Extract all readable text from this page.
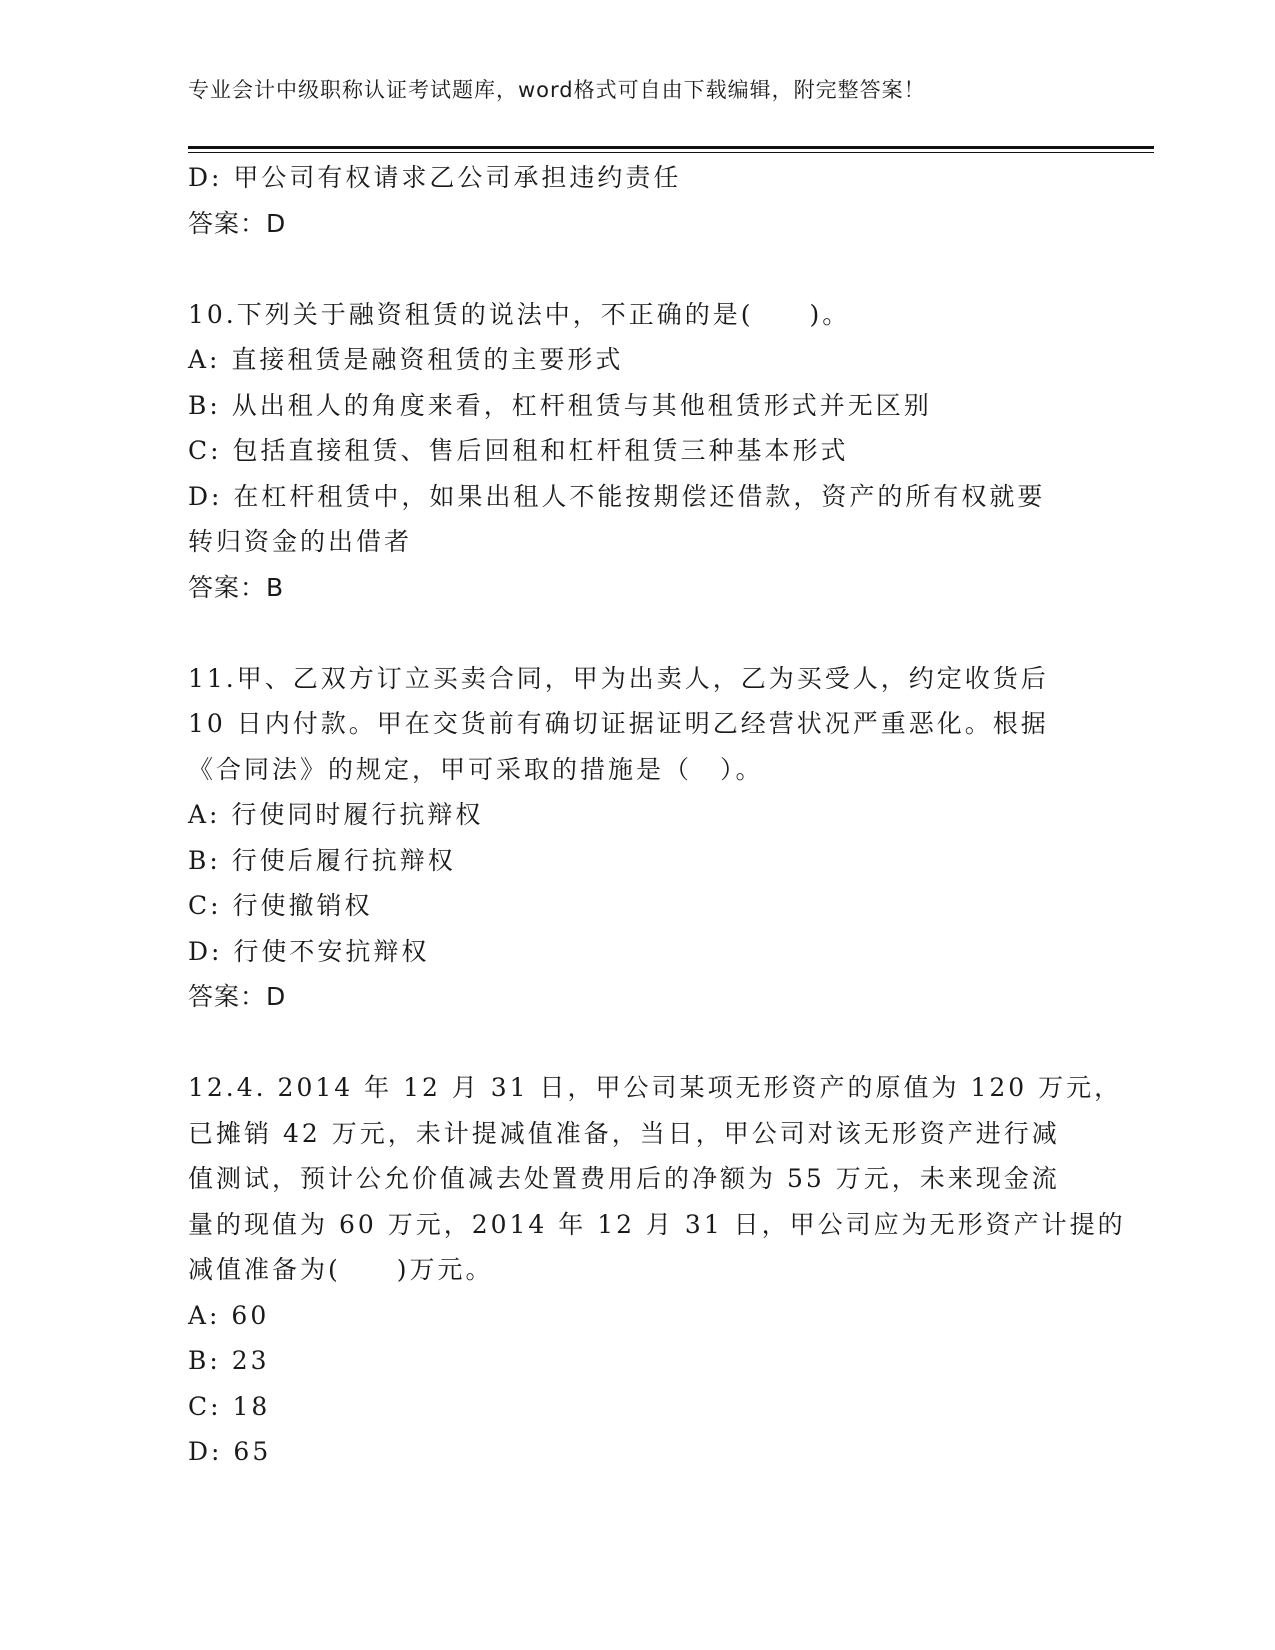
专业会计中级职称认证考试题库，word格式可自由下载编辑，附完整答案！
D: 甲公司有权请求乙公司承担违约责任
答案：D
10.下列关于融资租赁的说法中，不正确的是(　　)。
A: 直接租赁是融资租赁的主要形式
B: 从出租人的角度来看，杠杆租赁与其他租赁形式并无区别
C: 包括直接租赁、售后回租和杠杆租赁三种基本形式
D: 在杠杆租赁中，如果出租人不能按期偿还借款，资产的所有权就要
转归资金的出借者
答案：B
11.甲、乙双方订立买卖合同，甲为出卖人，乙为买受人，约定收货后
10 日内付款。甲在交货前有确切证据证明乙经营状况严重恶化。根据
《合同法》的规定，甲可采取的措施是（　）。
A: 行使同时履行抗辩权
B: 行使后履行抗辩权
C: 行使撤销权
D: 行使不安抗辩权
答案：D
12.4. 2014 年 12 月 31 日，甲公司某项无形资产的原值为 120 万元，
已摊销 42 万元，未计提减值准备，当日，甲公司对该无形资产进行减
值测试，预计公允价值减去处置费用后的净额为 55 万元，未来现金流
量的现值为 60 万元，2014 年 12 月 31 日，甲公司应为无形资产计提的
减值准备为(　　)万元。
A: 60
B: 23
C: 18
D: 65
